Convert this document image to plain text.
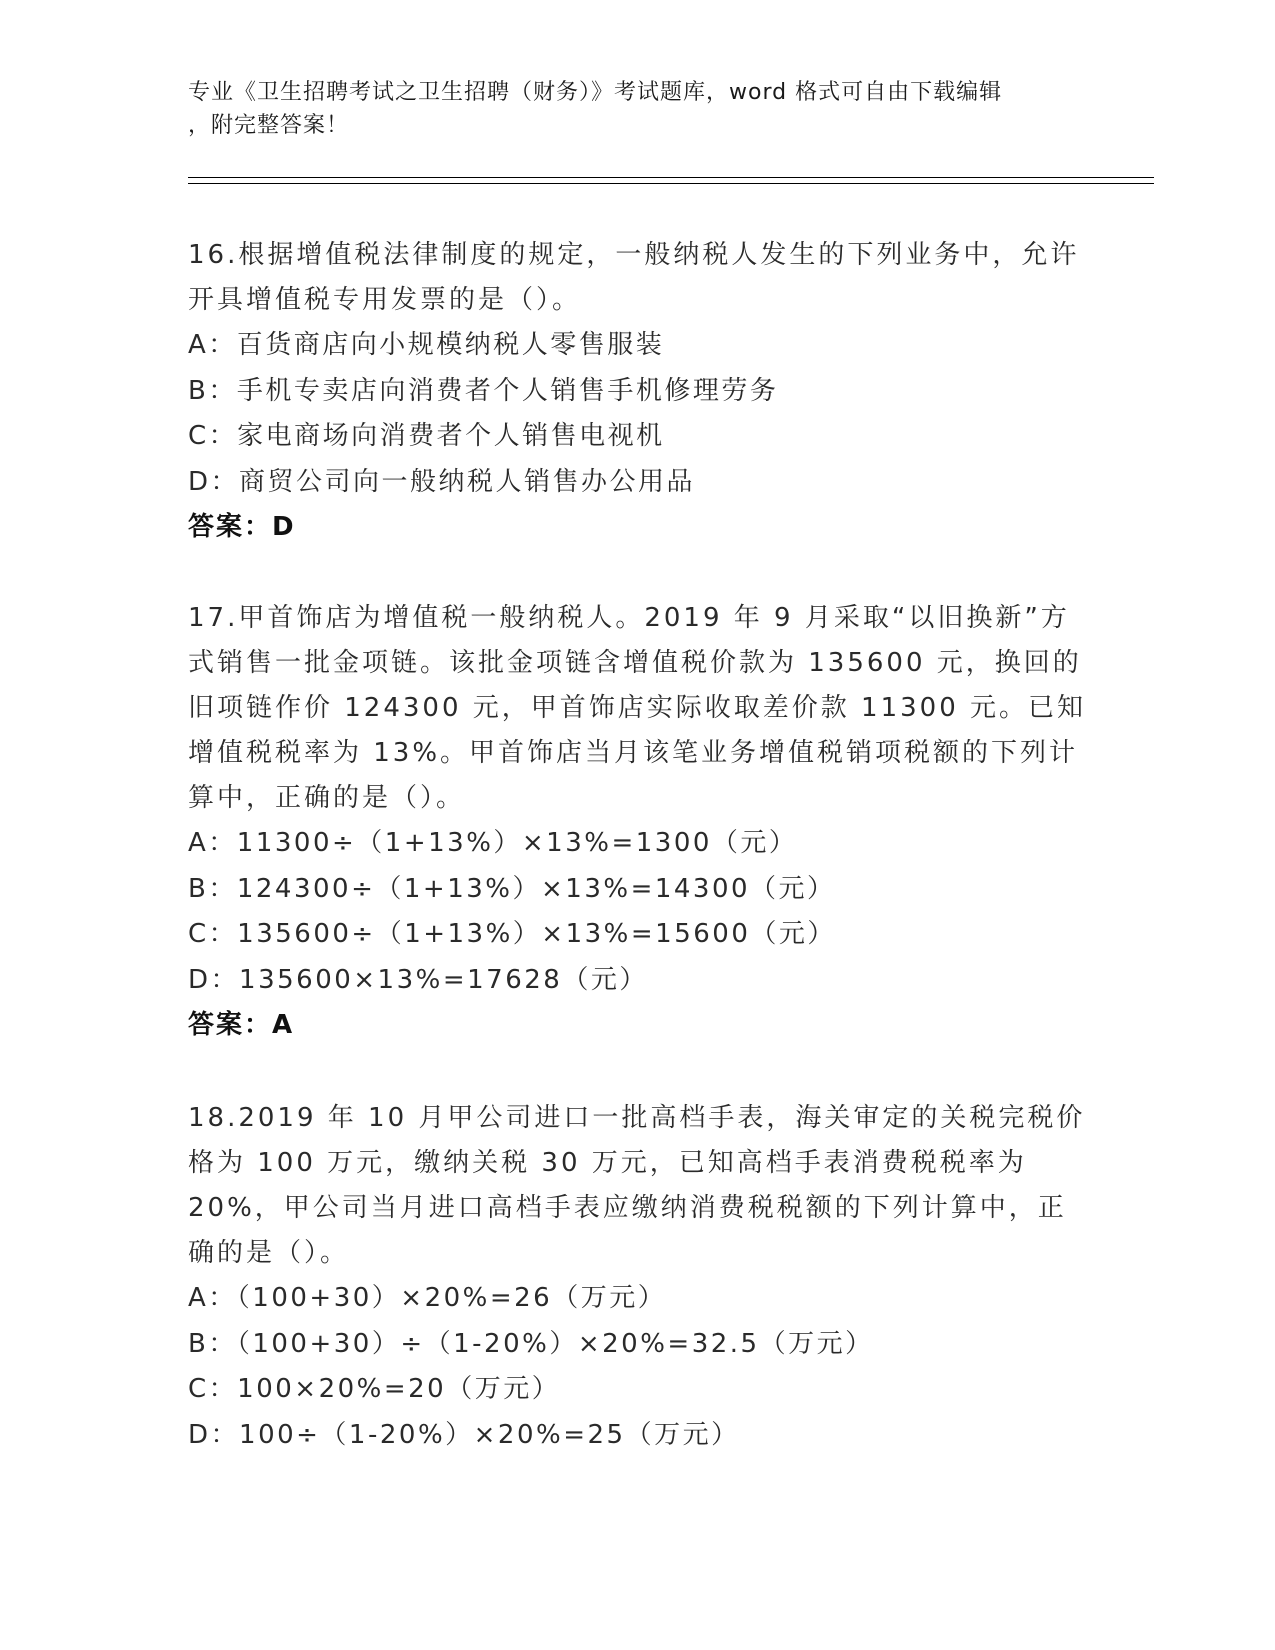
专业《卫生招聘考试之卫生招聘（财务）》考试题库，word 格式可自由下载编辑
，附完整答案！

16.根据增值税法律制度的规定，一般纳税人发生的下列业务中，允许开具增值税专用发票的是（）。

A：百货商店向小规模纳税人零售服装

B：手机专卖店向消费者个人销售手机修理劳务

C：家电商场向消费者个人销售电视机

D：商贸公司向一般纳税人销售办公用品

答案：D

17.甲首饰店为增值税一般纳税人。2019 年 9 月采取“以旧换新”方式销售一批金项链。该批金项链含增值税价款为 135600 元，换回的旧项链作价 124300 元，甲首饰店实际收取差价款 11300 元。已知增值税税率为 13%。甲首饰店当月该笔业务增值税销项税额的下列计算中，正确的是（）。

A：11300÷（1+13%）×13%=1300（元）

B：124300÷（1+13%）×13%=14300（元）

C：135600÷（1+13%）×13%=15600（元）

D：135600×13%=17628（元）

答案：A

18.2019 年 10 月甲公司进口一批高档手表，海关审定的关税完税价格为 100 万元，缴纳关税 30 万元，已知高档手表消费税税率为 20%，甲公司当月进口高档手表应缴纳消费税税额的下列计算中，正确的是（）。

A：（100+30）×20%=26（万元）

B：（100+30）÷（1-20%）×20%=32.5（万元）

C：100×20%=20（万元）

D：100÷（1-20%）×20%=25（万元）
